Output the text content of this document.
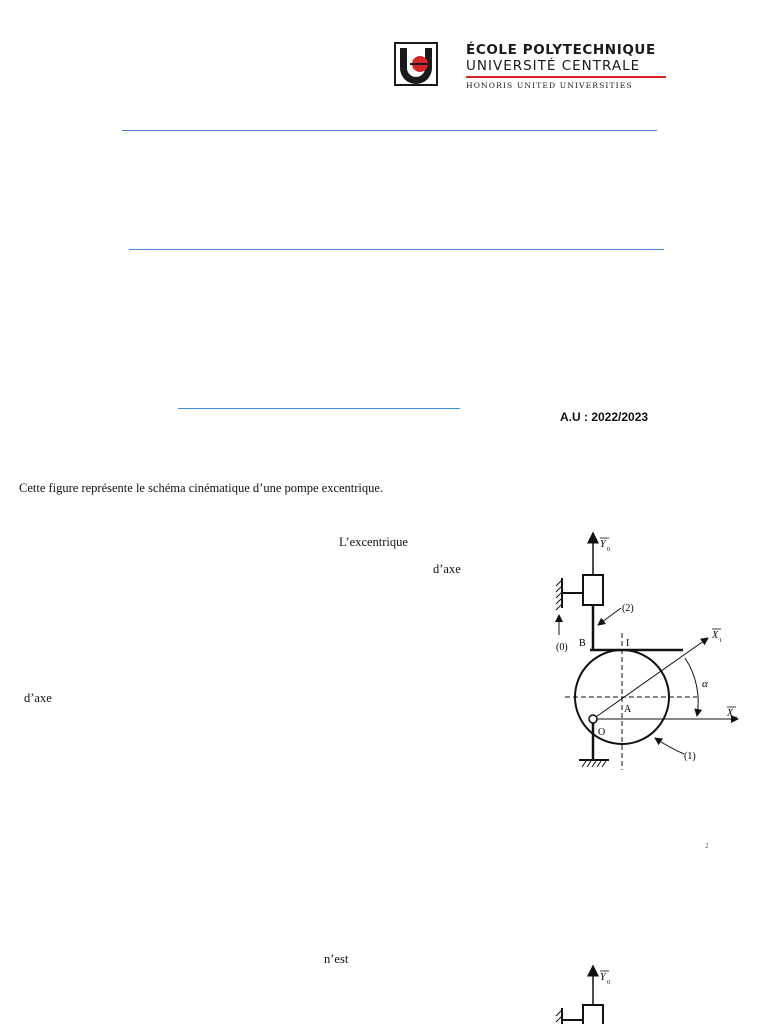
ÉCOLE POLYTECHNIQUE
UNIVERSITÉ CENTRALE
HONORIS UNITED UNIVERSITIES
A.U : 2022/2023
Cette figure représente le schéma cinématique d’une pompe excentrique.
L’excentrique
d’axe
d’axe
n’est
2
Y 0
(0)
(2)
B	I
X 1
X 0
α
A
O
(1)
Y 0
